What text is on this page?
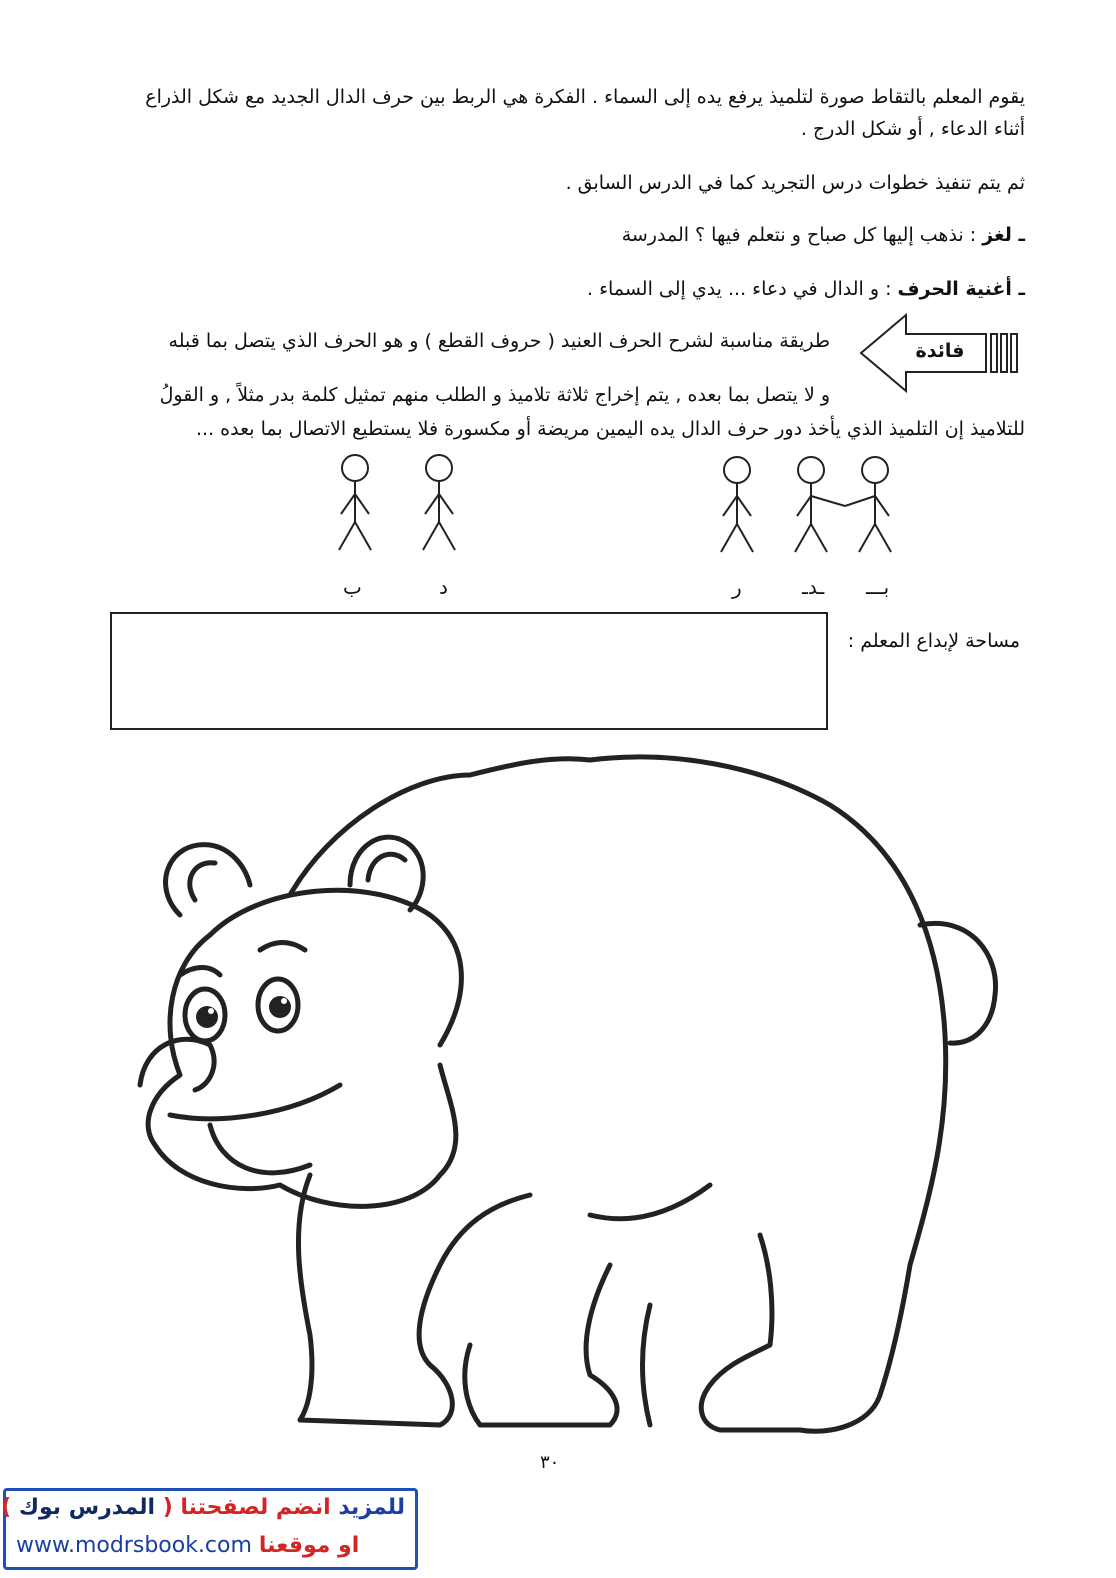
يقوم المعلم بالتقاط صورة لتلميذ يرفع يده إلى السماء . الفكرة هي الربط بين حرف الدال الجديد مع شكل الذراع
أثناء الدعاء , أو شكل الدرج .
ثم يتم تنفيذ خطوات درس التجريد كما في الدرس السابق .
ـ لغز : نذهب إليها كل صباح و نتعلم فيها ؟ المدرسة
ـ أغنية الحرف : و الدال في دعاء ... يدي إلى السماء .
فائدة
طريقة مناسبة لشرح الحرف العنيد ( حروف القطع ) و هو الحرف الذي يتصل بما قبله
و لا يتصل بما بعده , يتم إخراج ثلاثة تلاميذ و الطلب منهم تمثيل كلمة بدر مثلاً , و القولُ
للتلاميذ إن التلميذ الذي يأخذ دور حرف الدال يده اليمين مريضة أو مكسورة فلا يستطيع الاتصال بما بعده ...
ب	د	ر	ـدـ بـــ
مساحة لإبداع المعلم :
٣٠
للمزيد انضم لصفحتنا ( المدرس بوك )
www.modrsbook.com او موقعنا
